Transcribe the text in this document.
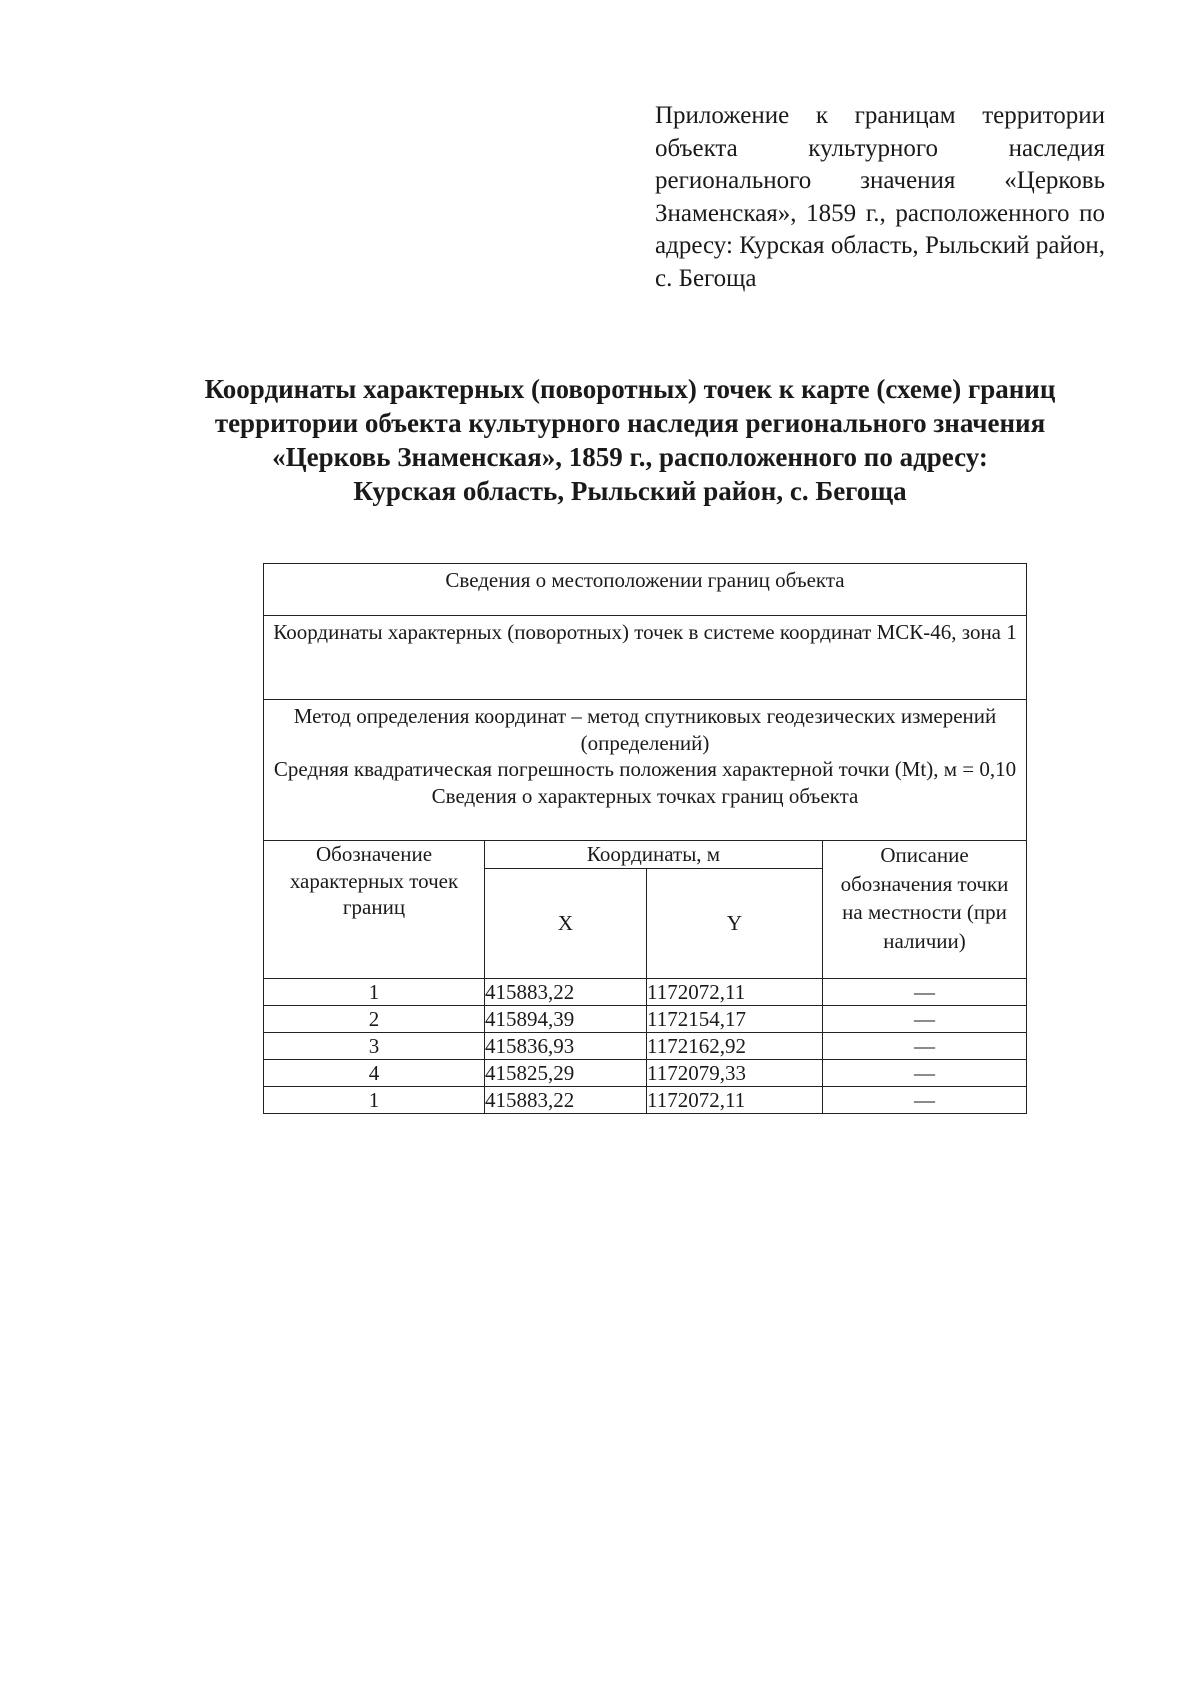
Приложение к границам территории объекта культурного наследия регионального значения «Церковь Знаменская», 1859 г., расположенного по адресу: Курская область, Рыльский район, с. Бегоща
Координаты характерных (поворотных) точек к карте (схеме) границ
территории объекта культурного наследия регионального значения
«Церковь Знаменская», 1859 г., расположенного по адресу:
Курская область, Рыльский район, с. Бегоща
Сведения о местоположении границ объекта			
Координаты характерных (поворотных) точек в системе координат МСК-46, зона 1			

Метод определения координат – метод спутниковых геодезических измерений (определений)
Средняя квадратическая погрешность положения характерной точки (Mt), м = 0,10
Сведения о характерных точках границ объекта			

Обозначение характерных точек границ	Координаты, м		Описание обозначения точки на местности (при наличии)
	X	Y	
1	415883,22	1172072,11	—
2	415894,39	1172154,17	—
3	415836,93	1172162,92	—
4	415825,29	1172079,33	—
1	415883,22	1172072,11	—
